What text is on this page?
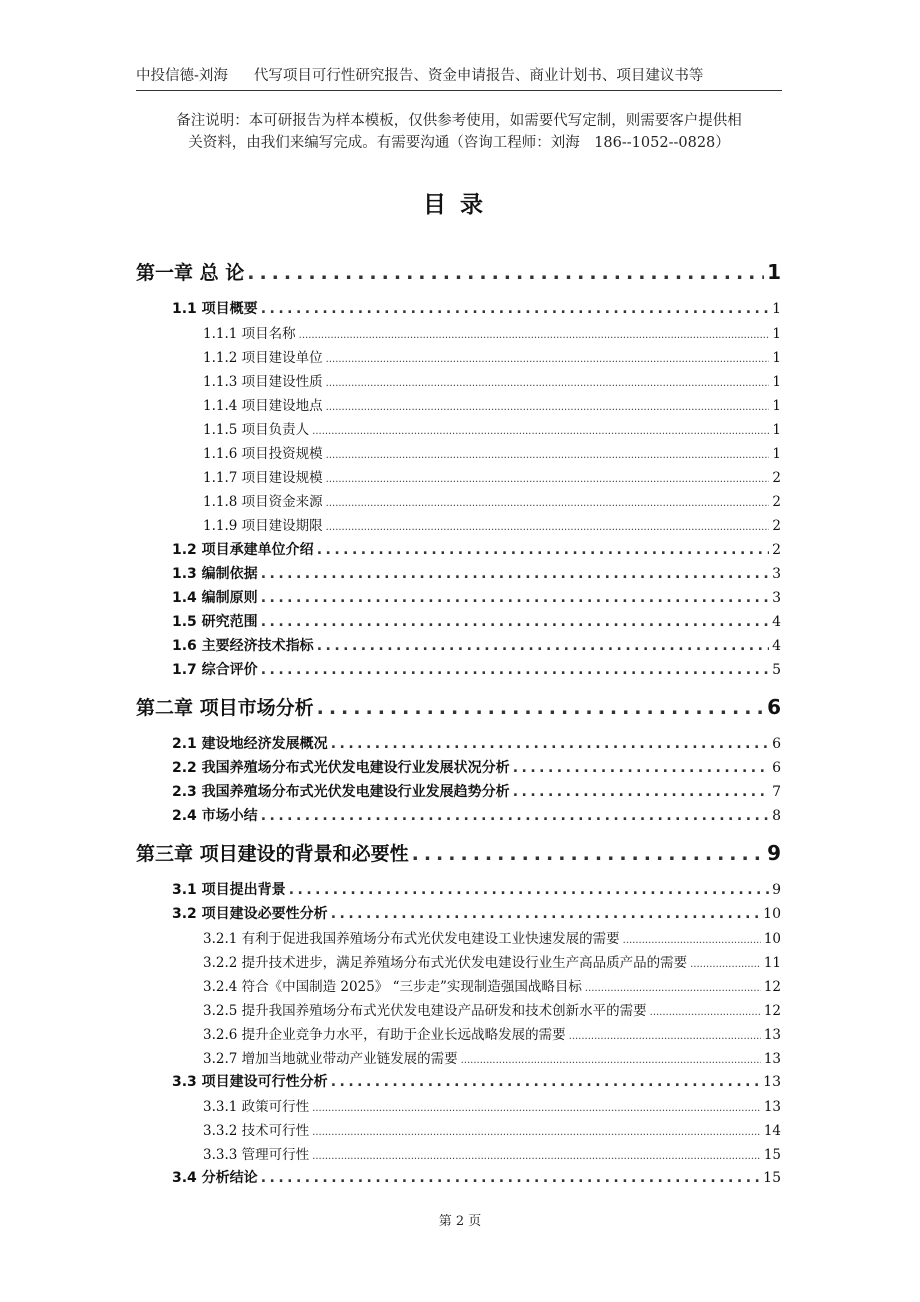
中投信德-刘海 代写项目可行性研究报告、资金申请报告、商业计划书、项目建议书等
备注说明：本可研报告为样本模板，仅供参考使用，如需要代写定制，则需要客户提供相
关资料，由我们来编写完成。有需要沟通（咨询工程师：刘海　186--1052--0828）
目录
第一章 总 论 .....	1
1.1 项目概要 .....	1
1.1.1 项目名称 .....	1
1.1.2 项目建设单位 .....	1
1.1.3 项目建设性质 .....	1
1.1.4 项目建设地点 .....	1
1.1.5 项目负责人 .....	1
1.1.6 项目投资规模 .....	1
1.1.7 项目建设规模 .....	2
1.1.8 项目资金来源 .....	2
1.1.9 项目建设期限 .....	2
1.2 项目承建单位介绍 .....	2
1.3 编制依据 .....	3
1.4 编制原则 .....	3
1.5 研究范围 .....	4
1.6 主要经济技术指标 .....	4
1.7 综合评价 .....	5
第二章 项目市场分析 .....	6
2.1 建设地经济发展概况 .....	6
2.2 我国养殖场分布式光伏发电建设行业发展状况分析 .....	6
2.3 我国养殖场分布式光伏发电建设行业发展趋势分析 .....	7
2.4 市场小结 .....	8
第三章 项目建设的背景和必要性 .....	9
3.1 项目提出背景 .....	9
3.2 项目建设必要性分析 .....	10
3.2.1 有利于促进我国养殖场分布式光伏发电建设工业快速发展的需要 .....	10
3.2.2 提升技术进步，满足养殖场分布式光伏发电建设行业生产高品质产品的需要 .....	11
3.2.4 符合《中国制造 2025》 “三步走”实现制造强国战略目标 .....	12
3.2.5 提升我国养殖场分布式光伏发电建设产品研发和技术创新水平的需要 .....	12
3.2.6 提升企业竞争力水平，有助于企业长远战略发展的需要 .....	13
3.2.7 增加当地就业带动产业链发展的需要 .....	13
3.3 项目建设可行性分析 .....	13
3.3.1 政策可行性 .....	13
3.3.2 技术可行性 .....	14
3.3.3 管理可行性 .....	15
3.4 分析结论 .....	15
第 2 页
